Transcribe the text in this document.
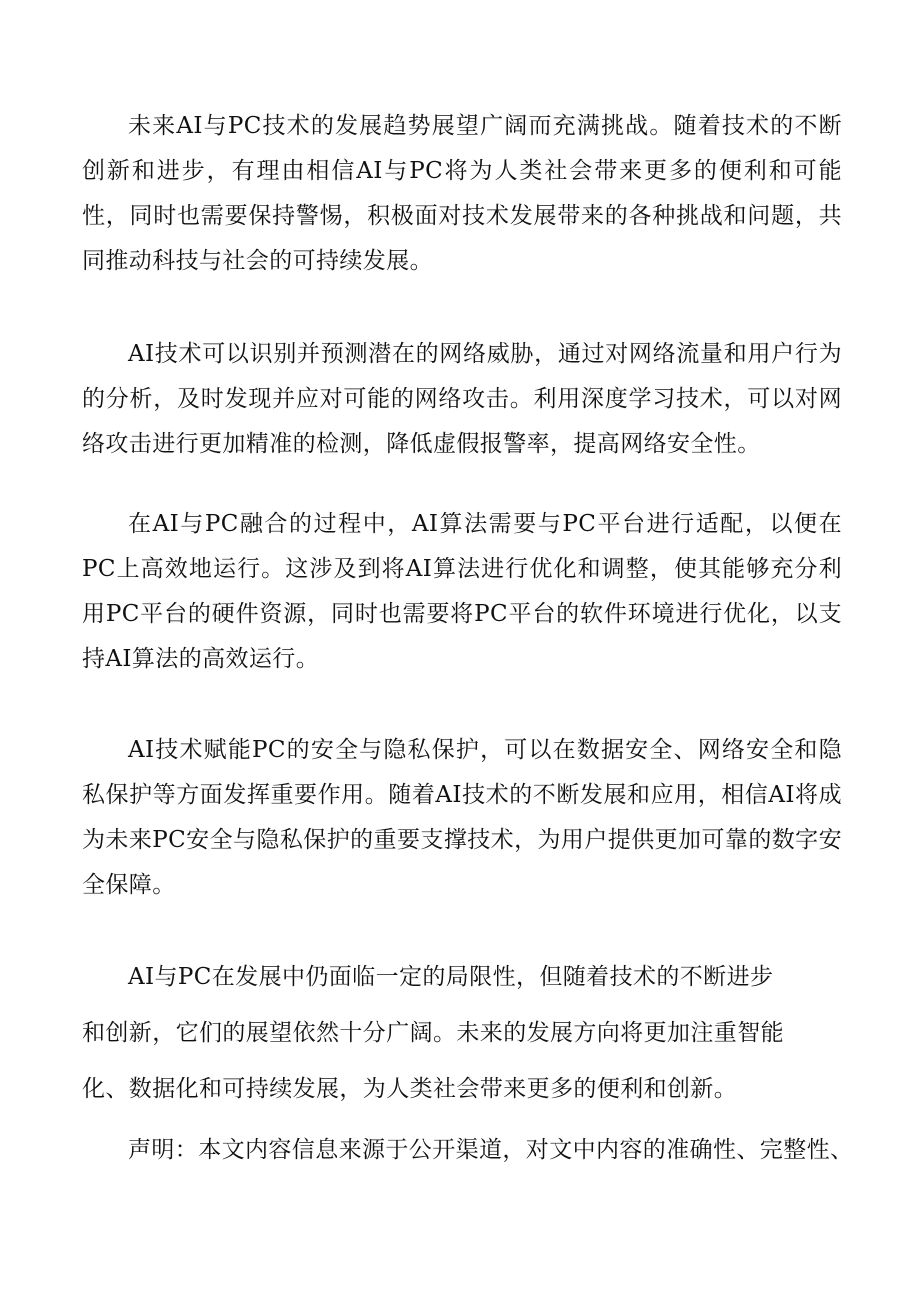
未来AI与PC技术的发展趋势展望广阔而充满挑战。随着技术的不断创新和进步，有理由相信AI与PC将为人类社会带来更多的便利和可能性，同时也需要保持警惕，积极面对技术发展带来的各种挑战和问题，共同推动科技与社会的可持续发展。

AI技术可以识别并预测潜在的网络威胁，通过对网络流量和用户行为的分析，及时发现并应对可能的网络攻击。利用深度学习技术，可以对网络攻击进行更加精准的检测，降低虚假报警率，提高网络安全性。

在AI与PC融合的过程中，AI算法需要与PC平台进行适配，以便在PC上高效地运行。这涉及到将AI算法进行优化和调整，使其能够充分利用PC平台的硬件资源，同时也需要将PC平台的软件环境进行优化，以支持AI算法的高效运行。

AI技术赋能PC的安全与隐私保护，可以在数据安全、网络安全和隐私保护等方面发挥重要作用。随着AI技术的不断发展和应用，相信AI将成为未来PC安全与隐私保护的重要支撑技术，为用户提供更加可靠的数字安全保障。

AI与PC在发展中仍面临一定的局限性，但随着技术的不断进步
和创新，它们的展望依然十分广阔。未来的发展方向将更加注重智能
化、数据化和可持续发展，为人类社会带来更多的便利和创新。

声明：本文内容信息来源于公开渠道，对文中内容的准确性、完整性、
